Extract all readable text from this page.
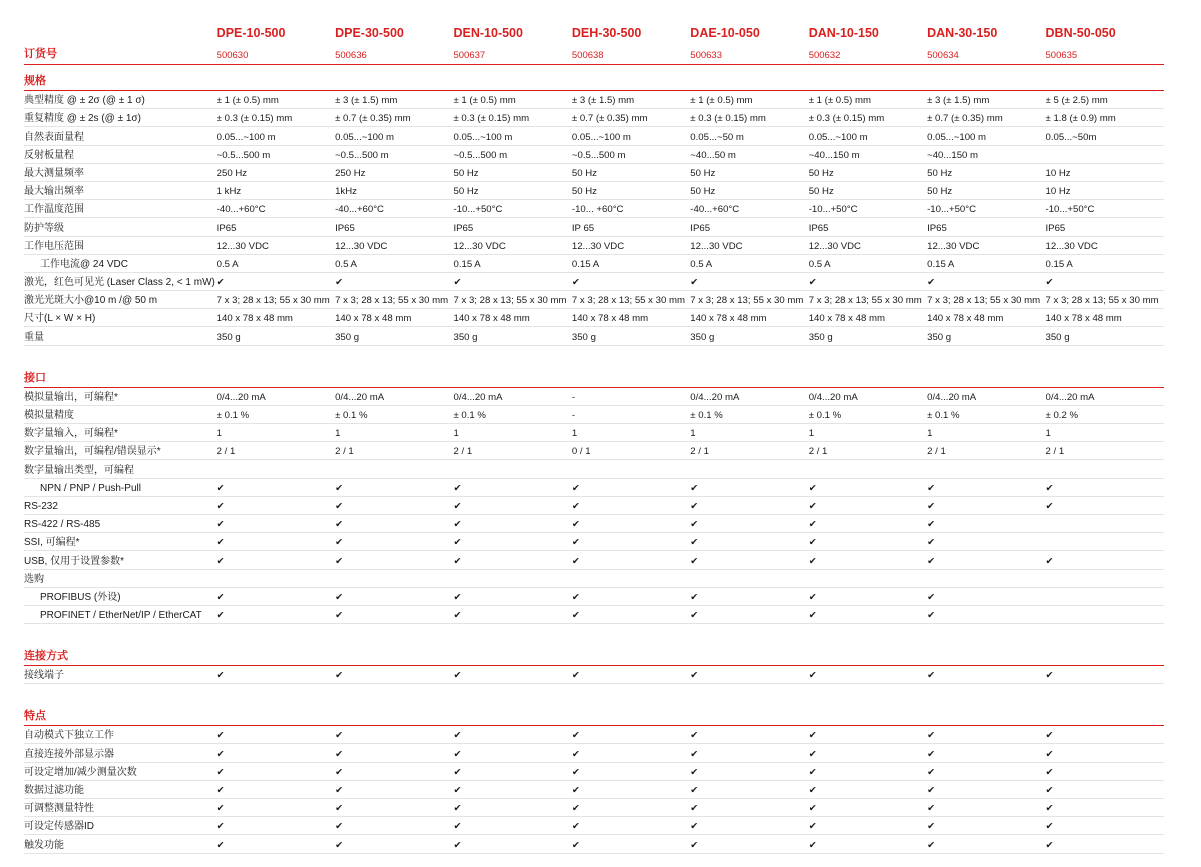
	DPE-10-500	DPE-30-500	DEN-10-500	DEH-30-500	DAE-10-050	DAN-10-150	DAN-30-150	DBN-50-050
订货号	500630	500636	500637	500638	500633	500632	500634	500635
规格								
典型精度 @ ± 2σ (@ ± 1 σ)	± 1 (± 0.5) mm	± 3 (± 1.5) mm	± 1 (± 0.5) mm	± 3 (± 1.5) mm	± 1 (± 0.5) mm	± 1 (± 0.5) mm	± 3 (± 1.5) mm	± 5 (± 2.5) mm
重复精度 @ ± 2s (@ ± 1σ)	± 0.3 (± 0.15) mm	± 0.7 (± 0.35) mm	± 0.3 (± 0.15) mm	± 0.7 (± 0.35) mm	± 0.3 (± 0.15) mm	± 0.3 (± 0.15) mm	± 0.7 (± 0.35) mm	± 1.8 (± 0.9) mm
自然表面量程	0.05...~100 m	0.05...~100 m	0.05...~100 m	0.05...~100 m	0.05...~50 m	0.05...~100 m	0.05...~100 m	0.05...~50m
反射板量程	~0.5...500 m	~0.5...500 m	~0.5...500 m	~0.5...500 m	~40...50 m	~40...150 m	~40...150 m	
最大测量频率	250 Hz	250 Hz	50 Hz	50 Hz	50 Hz	50 Hz	50 Hz	10 Hz
最大输出频率	1 kHz	1kHz	50 Hz	50 Hz	50 Hz	50 Hz	50 Hz	10 Hz
工作温度范围	-40...+60°C	-40...+60°C	-10...+50°C	-10... +60°C	-40...+60°C	-10...+50°C	-10...+50°C	-10...+50°C
防护等级	IP65	IP65	IP65	IP 65	IP65	IP65	IP65	IP65
工作电压范围	12...30 VDC	12...30 VDC	12...30 VDC	12...30 VDC	12...30 VDC	12...30 VDC	12...30 VDC	12...30 VDC
工作电流@ 24 VDC	0.5 A	0.5 A	0.15 A	0.15 A	0.5 A	0.5 A	0.15 A	0.15 A
激光，红色可见光 (Laser Class 2, < 1 mW)	✔	✔	✔	✔	✔	✔	✔	✔
激光光斑大小@10 m /@ 50 m	7 x 3; 28 x 13; 55 x 30 mm	7 x 3; 28 x 13; 55 x 30 mm	7 x 3; 28 x 13; 55 x 30 mm	7 x 3; 28 x 13; 55 x 30 mm	7 x 3; 28 x 13; 55 x 30 mm	7 x 3; 28 x 13; 55 x 30 mm	7 x 3; 28 x 13; 55 x 30 mm	7 x 3; 28 x 13; 55 x 30 mm
尺寸(L × W × H)	140 x 78 x 48 mm	140 x 78 x 48 mm	140 x 78 x 48 mm	140 x 78 x 48 mm	140 x 78 x 48 mm	140 x 78 x 48 mm	140 x 78 x 48 mm	140 x 78 x 48 mm
重量	350 g	350 g	350 g	350 g	350 g	350 g	350 g	350 g
接口								
模拟量输出，可编程*	0/4...20 mA	0/4...20 mA	0/4...20 mA	-	0/4...20 mA	0/4...20 mA	0/4...20 mA	0/4...20 mA
模拟量精度	± 0.1 %	± 0.1 %	± 0.1 %	-	± 0.1 %	± 0.1 %	± 0.1 %	± 0.2 %
数字量输入，可编程*	1	1	1	1	1	1	1	1
数字量输出，可编程/错误显示*	2 / 1	2 / 1	2 / 1	0 / 1	2 / 1	2 / 1	2 / 1	2 / 1
数字量输出类型，可编程								
NPN / PNP / Push-Pull	✔	✔	✔	✔	✔	✔	✔	✔
RS-232	✔	✔	✔	✔	✔	✔	✔	✔
RS-422 / RS-485	✔	✔	✔	✔	✔	✔	✔	
SSI, 可编程*	✔	✔	✔	✔	✔	✔	✔	
USB, 仅用于设置参数*	✔	✔	✔	✔	✔	✔	✔	✔
选购								
PROFIBUS (外设)	✔	✔	✔	✔	✔	✔	✔	
PROFINET / EtherNet/IP / EtherCAT	✔	✔	✔	✔	✔	✔	✔	
连接方式								
接线端子	✔	✔	✔	✔	✔	✔	✔	✔
特点								
自动模式下独立工作	✔	✔	✔	✔	✔	✔	✔	✔
直接连接外部显示器	✔	✔	✔	✔	✔	✔	✔	✔
可设定增加/减少测量次数	✔	✔	✔	✔	✔	✔	✔	✔
数据过滤功能	✔	✔	✔	✔	✔	✔	✔	✔
可调整测量特性	✔	✔	✔	✔	✔	✔	✔	✔
可设定传感器ID	✔	✔	✔	✔	✔	✔	✔	✔
触发功能	✔	✔	✔	✔	✔	✔	✔	✔
